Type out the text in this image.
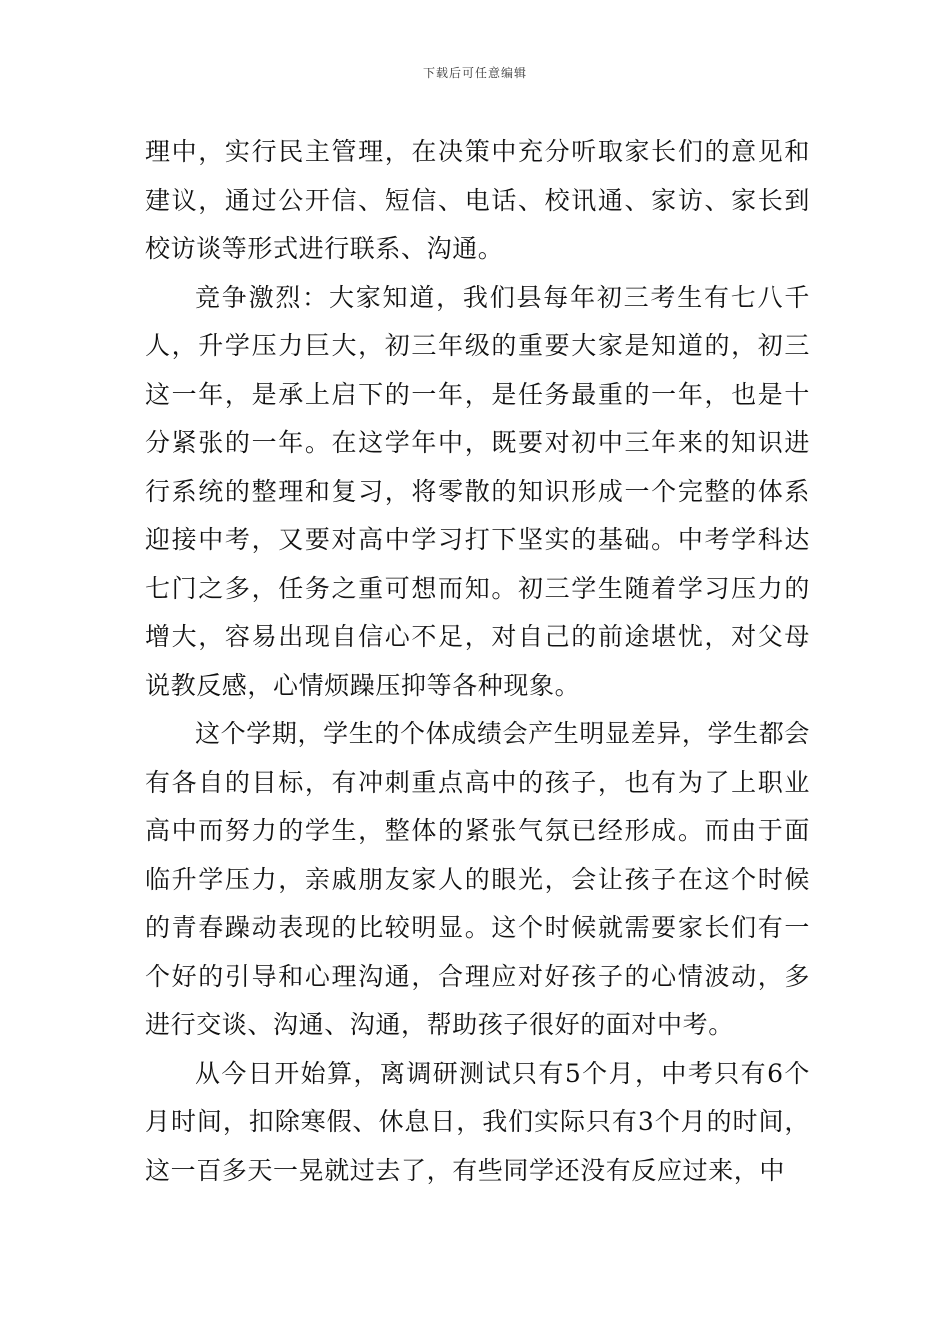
下载后可任意编辑

理中，实行民主管理，在决策中充分听取家长们的意见和建议，通过公开信、短信、电话、校讯通、家访、家长到校访谈等形式进行联系、沟通。

竞争激烈：大家知道，我们县每年初三考生有七八千人，升学压力巨大，初三年级的重要大家是知道的，初三这一年，是承上启下的一年，是任务最重的一年，也是十分紧张的一年。在这学年中，既要对初中三年来的知识进行系统的整理和复习，将零散的知识形成一个完整的体系迎接中考，又要对高中学习打下坚实的基础。中考学科达七门之多，任务之重可想而知。初三学生随着学习压力的增大，容易出现自信心不足，对自己的前途堪忧，对父母说教反感，心情烦躁压抑等各种现象。

这个学期，学生的个体成绩会产生明显差异，学生都会有各自的目标，有冲刺重点高中的孩子，也有为了上职业高中而努力的学生，整体的紧张气氛已经形成。而由于面临升学压力，亲戚朋友家人的眼光，会让孩子在这个时候的青春躁动表现的比较明显。这个时候就需要家长们有一个好的引导和心理沟通，合理应对好孩子的心情波动，多进行交谈、沟通、沟通，帮助孩子很好的面对中考。

从今日开始算，离调研测试只有5个月，中考只有6个月时间，扣除寒假、休息日，我们实际只有3个月的时间，这一百多天一晃就过去了，有些同学还没有反应过来，中
